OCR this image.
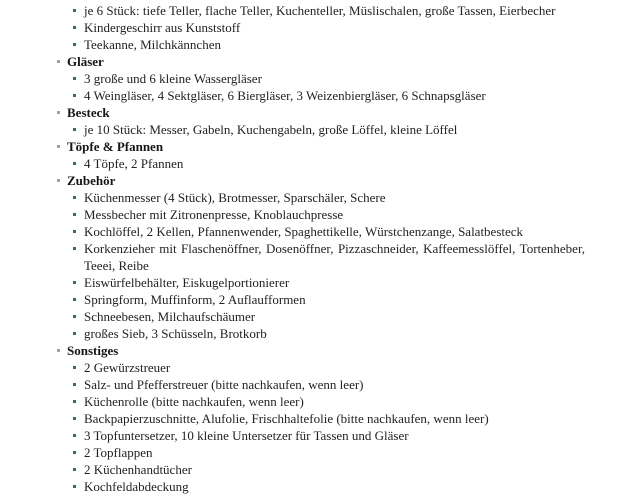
je 6 Stück: tiefe Teller, flache Teller, Kuchenteller, Müslischalen, große Tassen, Eierbecher
Kindergeschirr aus Kunststoff
Teekanne, Milchkännchen
Gläser
3 große und 6 kleine Wassergläser
4 Weingläser, 4 Sektgläser, 6 Biergläser, 3 Weizenbiergläser, 6 Schnapsgläser
Besteck
je 10 Stück: Messer, Gabeln, Kuchengabeln, große Löffel, kleine Löffel
Töpfe & Pfannen
4 Töpfe, 2 Pfannen
Zubehör
Küchenmesser (4 Stück), Brotmesser, Sparschäler, Schere
Messbecher mit Zitronenpresse, Knoblauchpresse
Kochlöffel, 2 Kellen, Pfannenwender, Spaghettikelle, Würstchenzange, Salatbesteck
Korkenzieher mit Flaschenöffner, Dosenöffner, Pizzaschneider, Kaffeemesslöffel, Tortenheber, Teeei, Reibe
Eiswürfelbehälter, Eiskugelportionierer
Springform, Muffinform, 2 Auflaufformen
Schneebesen, Milchaufschäumer
großes Sieb, 3 Schüsseln, Brotkorb
Sonstiges
2 Gewürzstreuer
Salz- und Pfefferstreuer (bitte nachkaufen, wenn leer)
Küchenrolle (bitte nachkaufen, wenn leer)
Backpapierzuschnitte, Alufolie, Frischhaltefolie (bitte nachkaufen, wenn leer)
3 Topfuntersetzer, 10 kleine Untersetzer für Tassen und Gläser
2 Topflappen
2 Küchenhandtücher
Kochfeldabdeckung
